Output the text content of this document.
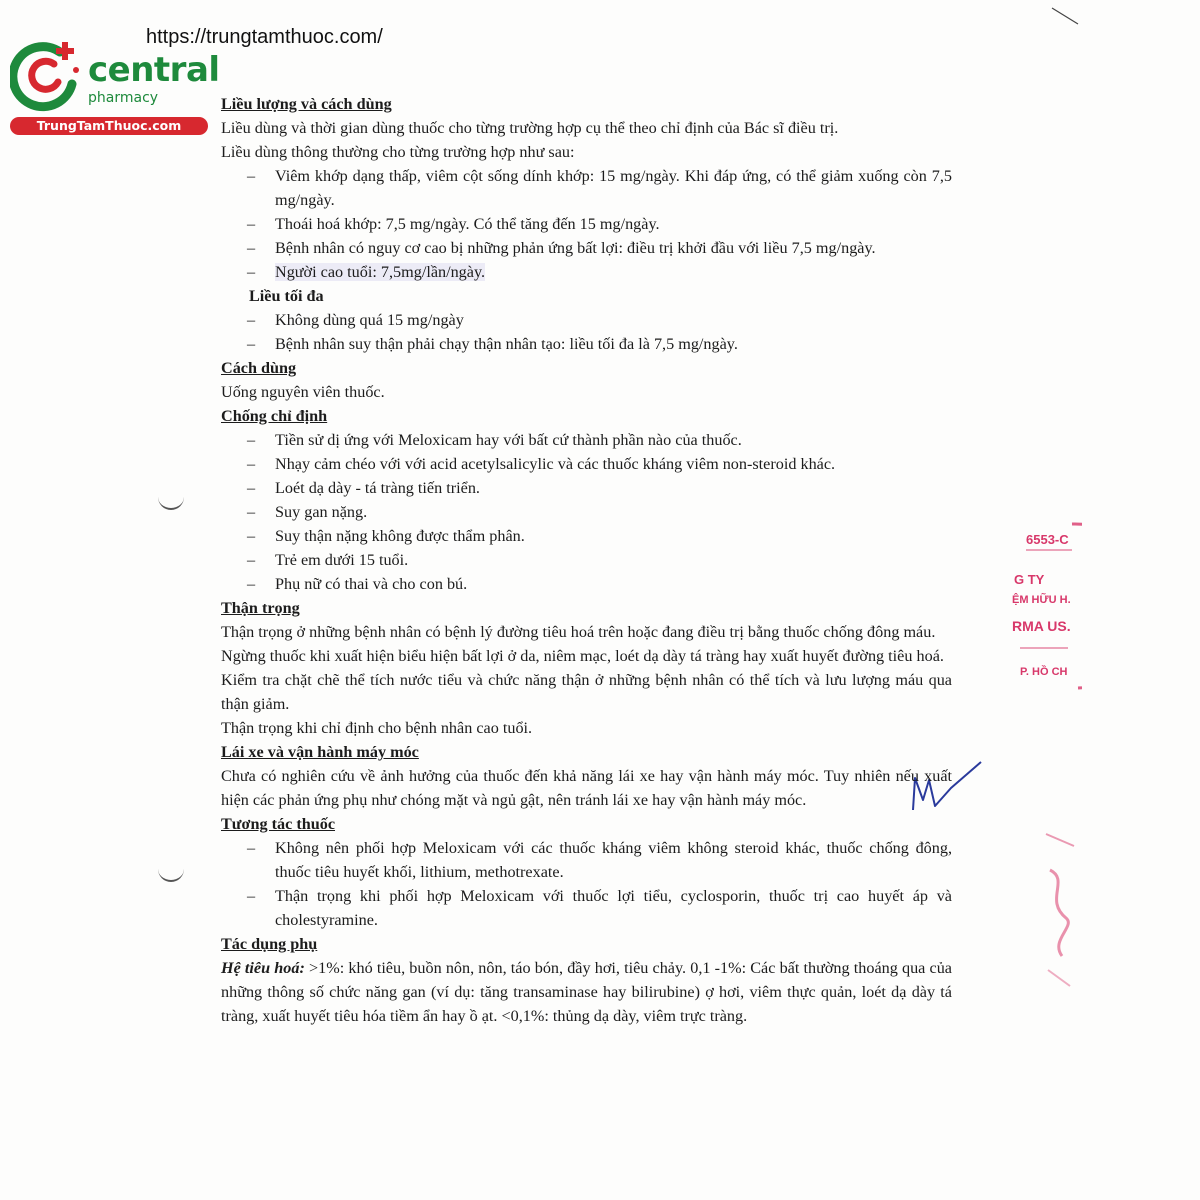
https://trungtamthuoc.com/
central
pharmacy
TrungTamThuoc.com
6553-C
G TY
ỆM HỮU H.
RMA US.
P. HỒ CH
Liều lượng và cách dùng
Liều dùng và thời gian dùng thuốc cho từng trường hợp cụ thể theo chỉ định của Bác sĩ điều trị.
Liều dùng thông thường cho từng trường hợp như sau:
– Viêm khớp dạng thấp, viêm cột sống dính khớp: 15 mg/ngày. Khi đáp ứng, có thể giảm xuống còn 7,5 mg/ngày.
– Thoái hoá khớp: 7,5 mg/ngày. Có thể tăng đến 15 mg/ngày.
– Bệnh nhân có nguy cơ cao bị những phản ứng bất lợi: điều trị khởi đầu với liều 7,5 mg/ngày.
– Người cao tuổi: 7,5mg/lần/ngày.
Liều tối đa
– Không dùng quá 15 mg/ngày
– Bệnh nhân suy thận phải chạy thận nhân tạo: liều tối đa là 7,5 mg/ngày.
Cách dùng
Uống nguyên viên thuốc.
Chống chỉ định
– Tiền sử dị ứng với Meloxicam hay với bất cứ thành phần nào của thuốc.
– Nhạy cảm chéo với với acid acetylsalicylic và các thuốc kháng viêm non-steroid khác.
– Loét dạ dày - tá tràng tiến triển.
– Suy gan nặng.
– Suy thận nặng không được thẩm phân.
– Trẻ em dưới 15 tuổi.
– Phụ nữ có thai và cho con bú.
Thận trọng
Thận trọng ở những bệnh nhân có bệnh lý đường tiêu hoá trên hoặc đang điều trị bằng thuốc chống đông máu.
Ngừng thuốc khi xuất hiện biểu hiện bất lợi ở da, niêm mạc, loét dạ dày tá tràng hay xuất huyết đường tiêu hoá.
Kiểm tra chặt chẽ thể tích nước tiểu và chức năng thận ở những bệnh nhân có thể tích và lưu lượng máu qua thận giảm.
Thận trọng khi chỉ định cho bệnh nhân cao tuổi.
Lái xe và vận hành máy móc
Chưa có nghiên cứu về ảnh hưởng của thuốc đến khả năng lái xe hay vận hành máy móc. Tuy nhiên nếu xuất hiện các phản ứng phụ như chóng mặt và ngủ gật, nên tránh lái xe hay vận hành máy móc.
Tương tác thuốc
– Không nên phối hợp Meloxicam với các thuốc kháng viêm không steroid khác, thuốc chống đông, thuốc tiêu huyết khối, lithium, methotrexate.
– Thận trọng khi phối hợp Meloxicam với thuốc lợi tiểu, cyclosporin, thuốc trị cao huyết áp và cholestyramine.
Tác dụng phụ
Hệ tiêu hoá: >1%: khó tiêu, buồn nôn, nôn, táo bón, đầy hơi, tiêu chảy. 0,1 -1%: Các bất thường thoáng qua của những thông số chức năng gan (ví dụ: tăng transaminase hay bilirubine) ợ hơi, viêm thực quản, loét dạ dày tá tràng, xuất huyết tiêu hóa tiềm ẩn hay ồ ạt. <0,1%: thủng dạ dày, viêm trực tràng.
